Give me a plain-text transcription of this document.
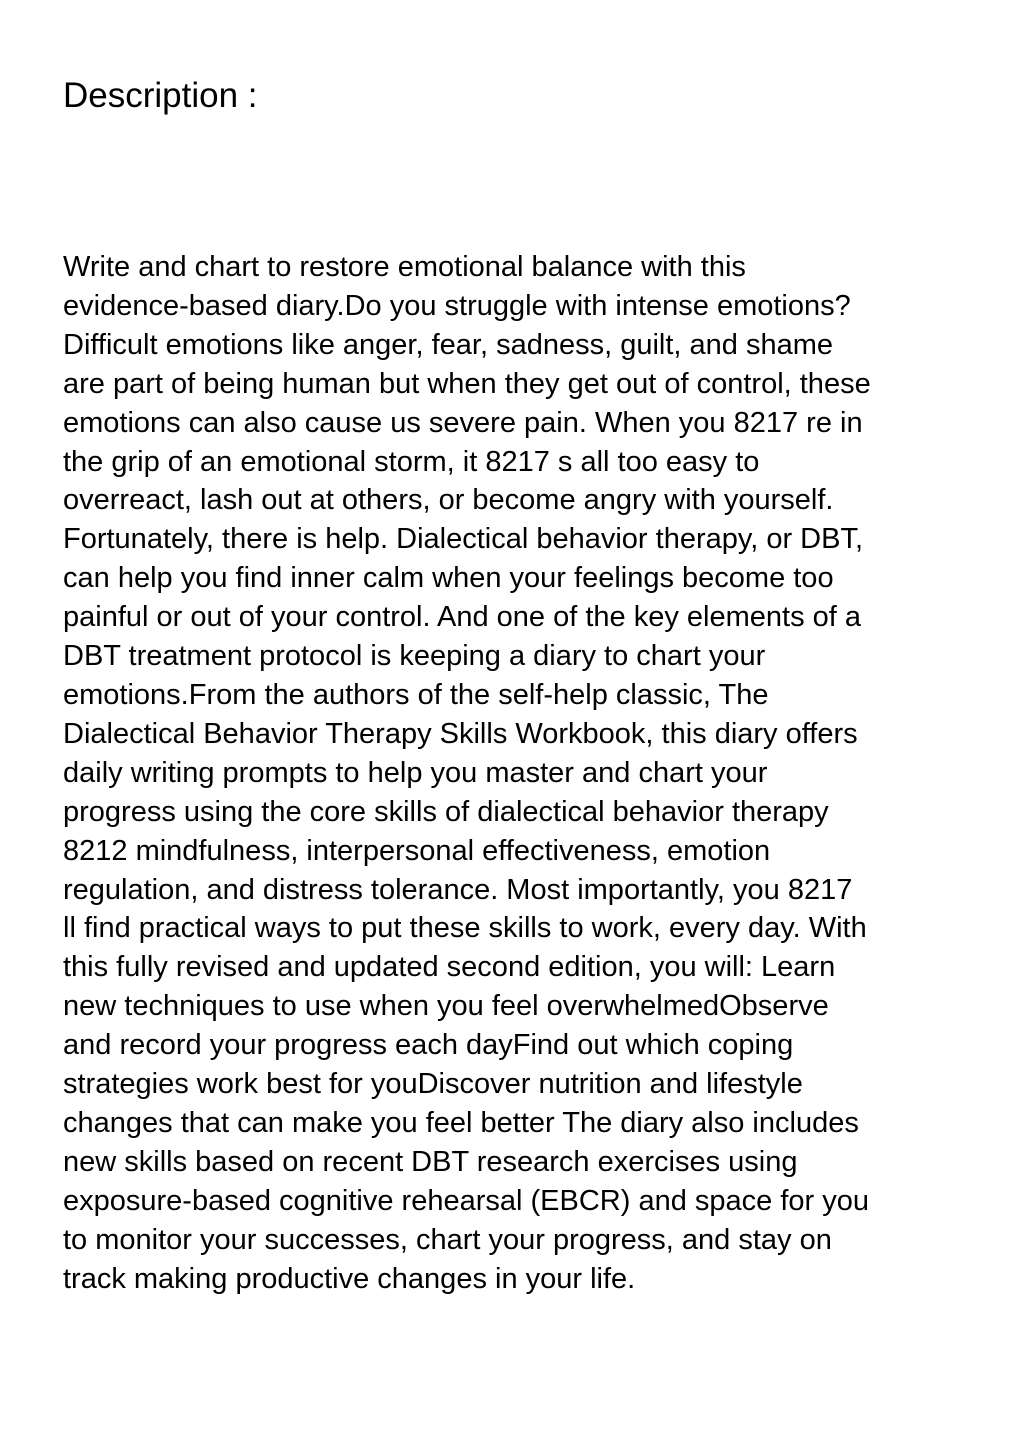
Description :
Write and chart to restore emotional balance with this
evidence-based diary.Do you struggle with intense emotions?
Difficult emotions like anger, fear, sadness, guilt, and shame
are part of being human but when they get out of control, these
emotions can also cause us severe pain. When you 8217 re in
the grip of an emotional storm, it 8217 s all too easy to
overreact, lash out at others, or become angry with yourself.
Fortunately, there is help. Dialectical behavior therapy, or DBT,
can help you find inner calm when your feelings become too
painful or out of your control. And one of the key elements of a
DBT treatment protocol is keeping a diary to chart your
emotions.From the authors of the self-help classic, The
Dialectical Behavior Therapy Skills Workbook, this diary offers
daily writing prompts to help you master and chart your
progress using the core skills of dialectical behavior therapy
8212 mindfulness, interpersonal effectiveness, emotion
regulation, and distress tolerance. Most importantly, you 8217
ll find practical ways to put these skills to work, every day. With
this fully revised and updated second edition, you will: Learn
new techniques to use when you feel overwhelmedObserve
and record your progress each dayFind out which coping
strategies work best for youDiscover nutrition and lifestyle
changes that can make you feel better The diary also includes
new skills based on recent DBT research exercises using
exposure-based cognitive rehearsal (EBCR) and space for you
to monitor your successes, chart your progress, and stay on
track making productive changes in your life.
